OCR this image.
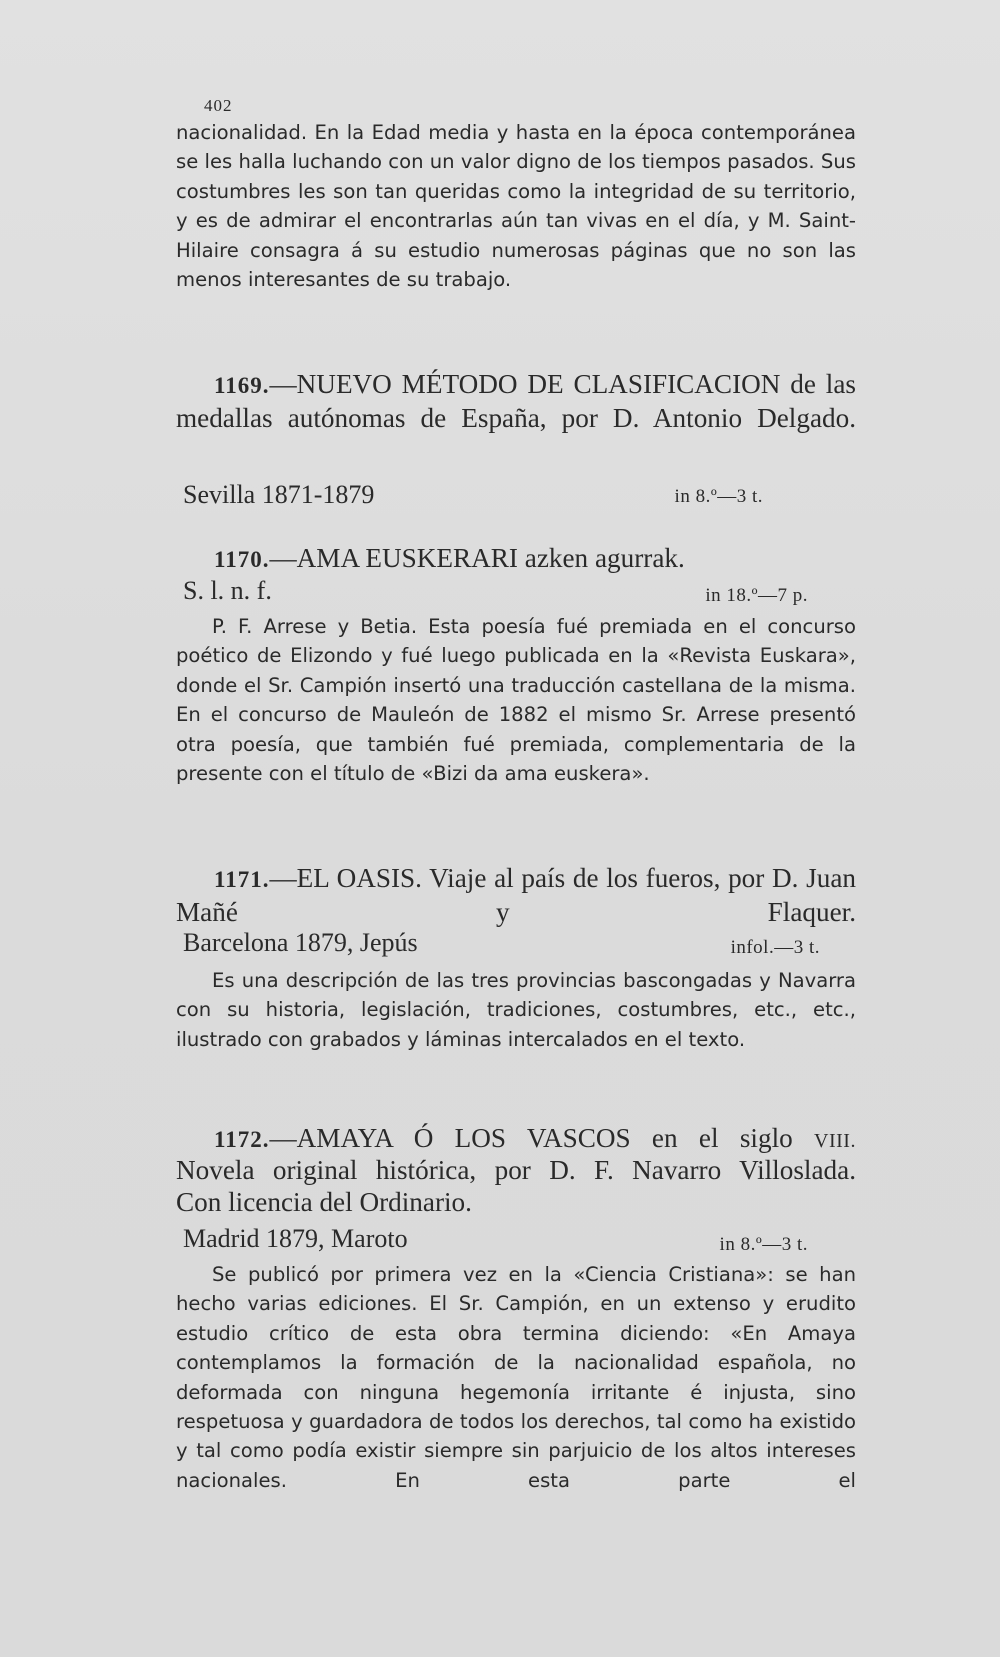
402

nacionalidad. En la Edad media y hasta en la época contemporánea se les halla luchando con un valor digno de los tiempos pasados. Sus costumbres les son tan queridas como la integridad de su territorio, y es de admirar el encontrarlas aún tan vivas en el día, y M. Saint-Hilaire consagra á su estudio numerosas páginas que no son las menos interesantes de su trabajo.

1169.—NUEVO MÉTODO DE CLASIFICACION de las medallas autónomas de España, por D. Antonio Delgado.

Sevilla 1871-1879	in 8.º—3 t.

1170.—AMA EUSKERARI azken agurrak.

S. l. n. f.	in 18.º—7 p.

P. F. Arrese y Betia. Esta poesía fué premiada en el concurso poético de Elizondo y fué luego publicada en la «Revista Euskara», donde el Sr. Campión insertó una traducción castellana de la misma. En el concurso de Mauleón de 1882 el mismo Sr. Arrese presentó otra poesía, que también fué premiada, complementaria de la presente con el título de «Bizi da ama euskera».

1171.—EL OASIS. Viaje al país de los fueros, por D. Juan Mañé y Flaquer.

Barcelona 1879, Jepús	infol.—3 t.

Es una descripción de las tres provincias bascongadas y Navarra con su historia, legislación, tradiciones, costumbres, etc., etc., ilustrado con grabados y láminas intercalados en el texto.

1172.—AMAYA Ó LOS VASCOS en el siglo VIII.

Novela original histórica, por D. F. Navarro Villoslada.

Con licencia del Ordinario.

Madrid 1879, Maroto	in 8.º—3 t.

Se publicó por primera vez en la «Ciencia Cristiana»: se han hecho varias ediciones. El Sr. Campión, en un extenso y erudito estudio crítico de esta obra termina diciendo: «En Amaya contemplamos la formación de la nacionalidad española, no deformada con ninguna hegemonía irritante é injusta, sino respetuosa y guardadora de todos los derechos, tal como ha existido y tal como podía existir siempre sin parjuicio de los altos intereses nacionales. En esta parte el
